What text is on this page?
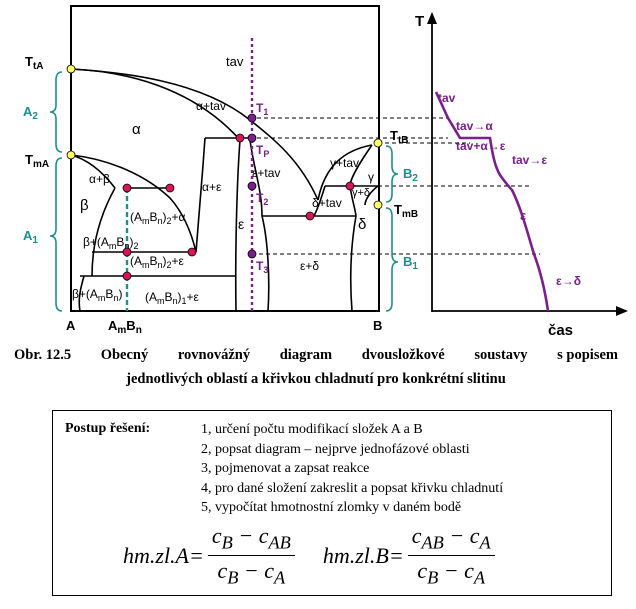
$T_{tA}$
$T_{mA}$
$T_{tB}$
$T_{mB}$
$T_1$
$T_P$
$T_2$
$T_3$
tav
α+tav
α
α+β
β
$(A_mB_n)_2+\alpha$
α+ε
ε+tav
ε
$\beta+(A_mB_n)_2$
$(A_mB_n)_2+\varepsilon$
$\beta+(A_mB_n)$ $(A_mB_n)_1+\varepsilon$
γ+tav
γ
γ+δ
δ+tav
δ
ε+δ
$A_2$
$A_1$
$B_2$
$B_1$
A	$A_mB_n$	B
T
čas
tav
tav→α
tav+α→ε
tav→ε
ε
ε→δ
Obr. 12.5 Obecný rovnovážný diagram dvousložkové soustavy s popisem
jednotlivých oblastí a křivkou chladnutí pro konkrétní slitinu
Postup řešení:	1, určení počtu modifikací složek A a B
2, popsat diagram – nejprve jednofázové oblasti
3, pojmenovat a zapsat reakce
4, pro dané složení zakreslit a popsat křivku chladnutí
5, vypočítat hmotnostní zlomky v daném bodě
$hm.zl.A = \frac{c_B - c_{AB}}{c_B - c_A} hm.zl.B = \frac{c_{AB} - c_A}{c_B - c_A}$
